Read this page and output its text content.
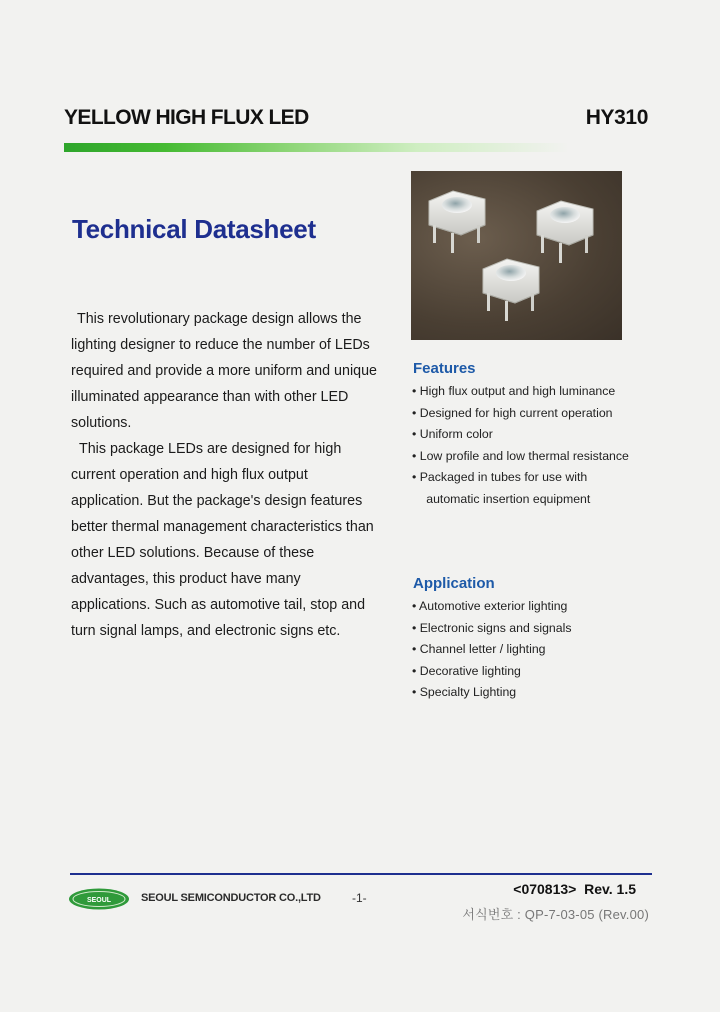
YELLOW HIGH FLUX LED	HY310
Technical Datasheet

This revolutionary package design allows the lighting designer to reduce the number of LEDs required and provide a more uniform and unique illuminated appearance than with other LED solutions.

This package LEDs are designed for high current operation and high flux output application. But the package's design features better thermal management characteristics than other LED solutions. Because of these advantages, this product have many applications. Such as automotive tail, stop and turn signal lamps, and electronic signs etc.

Features
• High flux output and high luminance
• Designed for high current operation
• Uniform color
• Low profile and low thermal resistance
• Packaged in tubes for use with
automatic insertion equipment
Application
• Automotive exterior lighting
• Electronic signs and signals
• Channel letter / lighting
• Decorative lighting
• Specialty Lighting
SEOUL	SEOUL SEMICONDUCTOR CO.,LTD	-1-
<070813>  Rev. 1.5
서식번호 : QP-7-03-05 (Rev.00)
